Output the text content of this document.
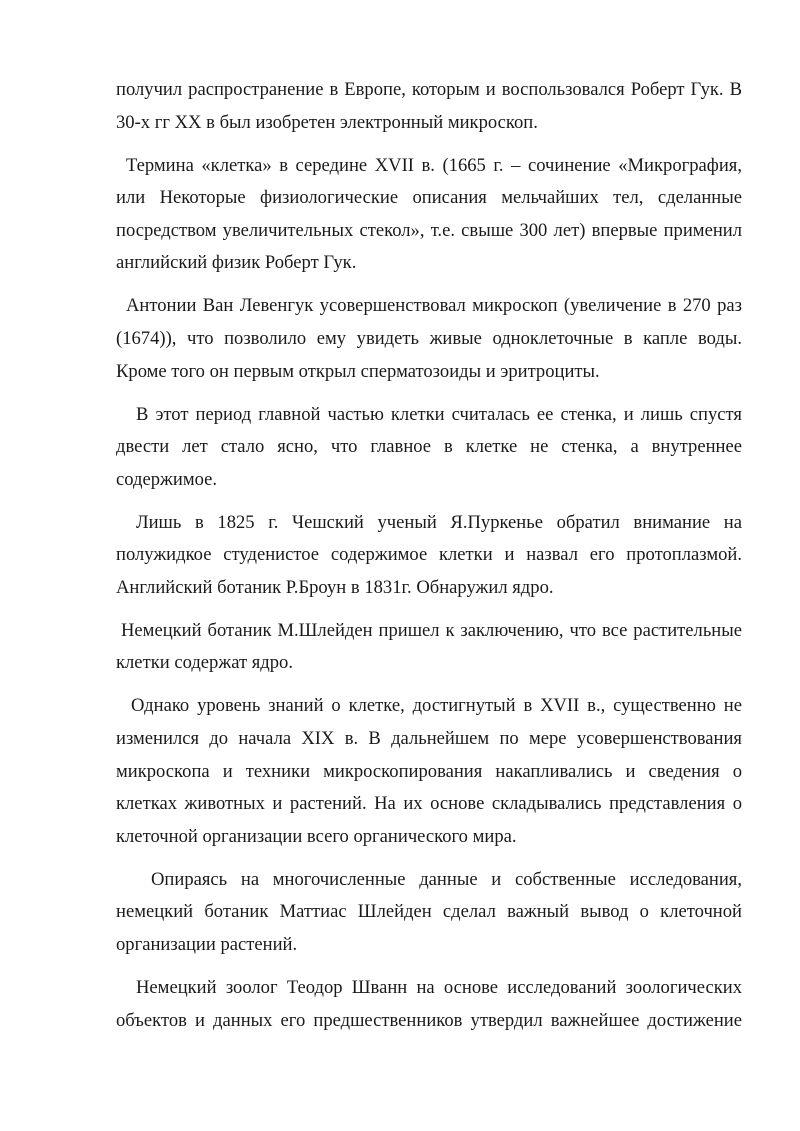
получил распространение в Европе, которым и воспользовался Роберт Гук. В 30-х гг XX в был изобретен электронный микроскоп.

Термина «клетка» в середине XVII в. (1665 г. – сочинение «Микрография, или Некоторые физиологические описания мельчайших тел, сделанные посредством увеличительных стекол», т.е. свыше 300 лет) впервые применил английский физик Роберт Гук.

Антонии Ван Левенгук усовершенствовал микроскоп (увеличение в 270 раз (1674)), что позволило ему увидеть живые одноклеточные в капле воды. Кроме того он первым открыл сперматозоиды и эритроциты.

В этот период главной частью клетки считалась ее стенка, и лишь спустя двести лет стало ясно, что главное в клетке не стенка, а внутреннее содержимое.

Лишь в 1825 г. Чешский ученый Я.Пуркенье обратил внимание на полужидкое студенистое содержимое клетки и назвал его протоплазмой. Английский ботаник Р.Броун в 1831г. Обнаружил ядро.

Немецкий ботаник М.Шлейден пришел к заключению, что все растительные клетки содержат ядро.

Однако уровень знаний о клетке, достигнутый в XVII в., существенно не изменился до начала XIX в. В дальнейшем по мере усовершенствования микроскопа и техники микроскопирования накапливались и сведения о клетках животных и растений. На их основе складывались представления о клеточной организации всего органического мира.

Опираясь на многочисленные данные и собственные исследования, немецкий ботаник Маттиас Шлейден сделал важный вывод о клеточной организации растений.

Немецкий зоолог Теодор Шванн на основе исследований зоологических объектов и данных его предшественников утвердил важнейшее достижение
